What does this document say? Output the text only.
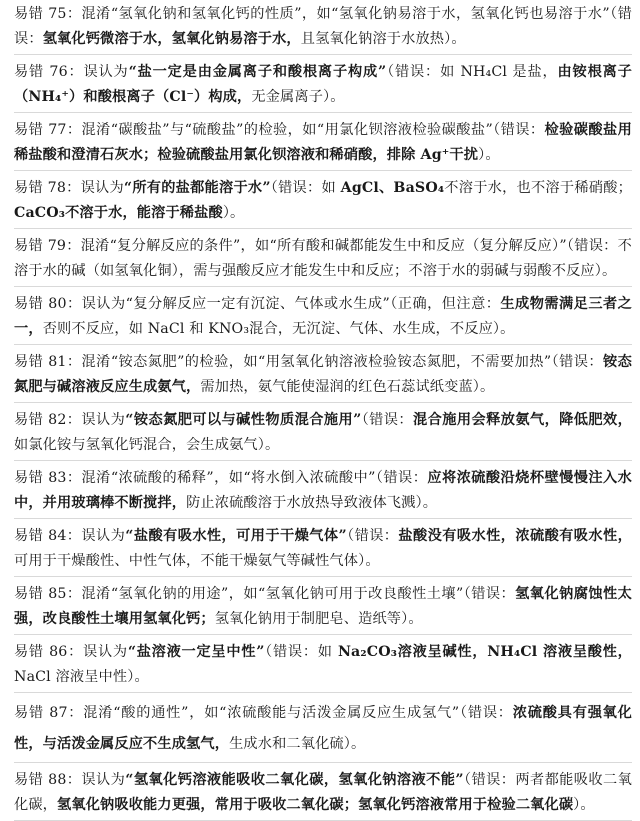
易错 75：混淆“氢氧化钠和氢氧化钙的性质”，如“氢氧化钠易溶于水，氢氧化钙也易溶于水”（错误：氢氧化钙微溶于水，氢氧化钠易溶于水，且氢氧化钠溶于水放热）。

易错 76：误认为“盐一定是由金属离子和酸根离子构成”（错误：如 NH₄Cl 是盐，由铵根离子（NH₄⁺）和酸根离子（Cl⁻）构成，无金属离子）。

易错 77：混淆“碳酸盐”与“硫酸盐”的检验，如“用氯化钡溶液检验碳酸盐”（错误：检验碳酸盐用稀盐酸和澄清石灰水；检验硫酸盐用氯化钡溶液和稀硝酸，排除 Ag⁺干扰）。

易错 78：误认为“所有的盐都能溶于水”（错误：如 AgCl、BaSO₄不溶于水，也不溶于稀硝酸；CaCO₃不溶于水，能溶于稀盐酸）。

易错 79：混淆“复分解反应的条件”，如“所有酸和碱都能发生中和反应（复分解反应）”（错误：不溶于水的碱（如氢氧化铜），需与强酸反应才能发生中和反应；不溶于水的弱碱与弱酸不反应）。

易错 80：误认为“复分解反应一定有沉淀、气体或水生成”（正确，但注意：生成物需满足三者之一，否则不反应，如 NaCl 和 KNO₃混合，无沉淀、气体、水生成，不反应）。

易错 81：混淆“铵态氮肥”的检验，如“用氢氧化钠溶液检验铵态氮肥，不需要加热”（错误：铵态氮肥与碱溶液反应生成氨气，需加热，氨气能使湿润的红色石蕊试纸变蓝）。

易错 82：误认为“铵态氮肥可以与碱性物质混合施用”（错误：混合施用会释放氨气，降低肥效，如氯化铵与氢氧化钙混合，会生成氨气）。

易错 83：混淆“浓硫酸的稀释”，如“将水倒入浓硫酸中”（错误：应将浓硫酸沿烧杯壁慢慢注入水中，并用玻璃棒不断搅拌，防止浓硫酸溶于水放热导致液体飞溅）。

易错 84：误认为“盐酸有吸水性，可用于干燥气体”（错误：盐酸没有吸水性，浓硫酸有吸水性，可用于干燥酸性、中性气体，不能干燥氨气等碱性气体）。

易错 85：混淆“氢氧化钠的用途”，如“氢氧化钠可用于改良酸性土壤”（错误：氢氧化钠腐蚀性太强，改良酸性土壤用氢氧化钙；氢氧化钠用于制肥皂、造纸等）。

易错 86：误认为“盐溶液一定呈中性”（错误：如 Na₂CO₃溶液呈碱性，NH₄Cl 溶液呈酸性，NaCl 溶液呈中性）。

易错 87：混淆“酸的通性”，如“浓硫酸能与活泼金属反应生成氢气”（错误：浓硫酸具有强氧化性，与活泼金属反应不生成氢气，生成水和二氧化硫）。

易错 88：误认为“氢氧化钙溶液能吸收二氧化碳，氢氧化钠溶液不能”（错误：两者都能吸收二氧化碳，氢氧化钠吸收能力更强，常用于吸收二氧化碳；氢氧化钙溶液常用于检验二氧化碳）。
